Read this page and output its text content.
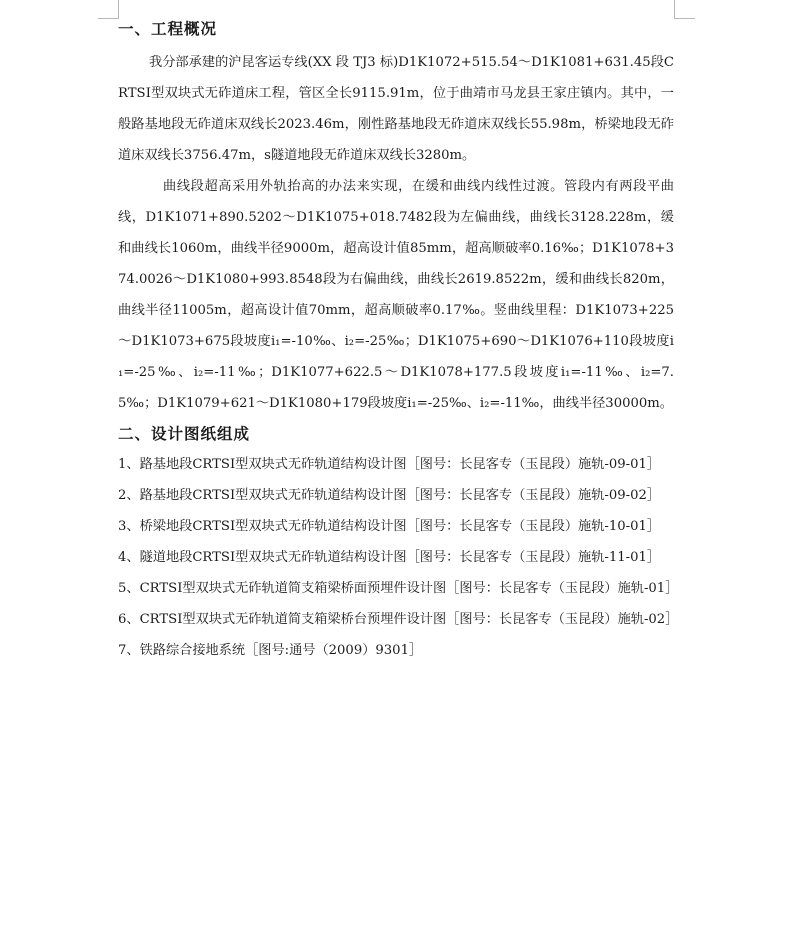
一、工程概况

我分部承建的沪昆客运专线(XX 段 TJ3 标)D1K1072+515.54～D1K1081+631.45段CRTSⅠ型双块式无砟道床工程，管区全长9115.91m，位于曲靖市马龙县王家庄镇内。其中，一般路基地段无砟道床双线长2023.46m，刚性路基地段无砟道床双线长55.98m，桥梁地段无砟道床双线长3756.47m，s隧道地段无砟道床双线长3280m。

曲线段超高采用外轨抬高的办法来实现，在缓和曲线内线性过渡。管段内有两段平曲线，D1K1071+890.5202～D1K1075+018.7482段为左偏曲线，曲线长3128.228m，缓和曲线长1060m，曲线半径9000m，超高设计值85mm，超高顺破率0.16‰；D1K1078+374.0026～D1K1080+993.8548段为右偏曲线，曲线长2619.8522m，缓和曲线长820m，曲线半径11005m，超高设计值70mm，超高顺破率0.17‰。竖曲线里程：D1K1073+225～D1K1073+675段坡度i₁=-10‰、i₂=-25‰；D1K1075+690～D1K1076+110段坡度i₁=-25‰、i₂=-11‰；D1K1077+622.5～D1K1078+177.5段坡度i₁=-11‰、i₂=7.5‰；D1K1079+621～D1K1080+179段坡度i₁=-25‰、i₂=-11‰，曲线半径30000m。

二、设计图纸组成
1、路基地段CRTSⅠ型双块式无砟轨道结构设计图［图号：长昆客专（玉昆段）施轨-09-01］
2、路基地段CRTSⅠ型双块式无砟轨道结构设计图［图号：长昆客专（玉昆段）施轨-09-02］
3、桥梁地段CRTSⅠ型双块式无砟轨道结构设计图［图号：长昆客专（玉昆段）施轨-10-01］
4、隧道地段CRTSⅠ型双块式无砟轨道结构设计图［图号：长昆客专（玉昆段）施轨-11-01］
5、CRTSⅠ型双块式无砟轨道简支箱梁桥面预埋件设计图［图号：长昆客专（玉昆段）施轨-01］
6、CRTSⅠ型双块式无砟轨道简支箱梁桥台预埋件设计图［图号：长昆客专（玉昆段）施轨-02］
7、铁路综合接地系统［图号:通号（2009）9301］
